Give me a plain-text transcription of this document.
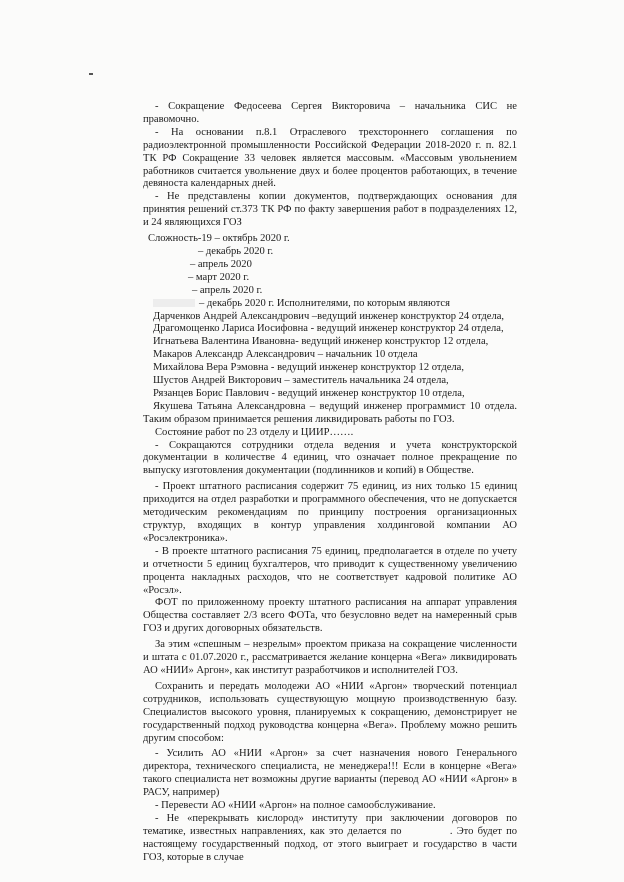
- Сокращение Федосеева Сергея Викторовича – начальника СИС не правомочно.

- На основании п.8.1 Отраслевого трехстороннего соглашения по радиоэлектронной промышленности Российской Федерации 2018-2020 г. п. 82.1 ТК РФ Сокращение 33 человек является массовым. «Массовым увольнением работников считается увольнение двух и более процентов работающих, в течение девяноста календарных дней.

- Не представлены копии документов, подтверждающих основания для принятия решений ст.373 ТК РФ по факту завершения работ в подразделениях 12, и 24 являющихся ГОЗ

Сложность-19 – октябрь 2020 г.

– декабрь 2020 г.

– апрель 2020

– март 2020 г.

– апрель 2020 г.

– декабрь 2020 г. Исполнителями, по которым являются

Дарченков Андрей Александрович –ведущий инженер конструктор 24 отдела,

Драгомощенко Лариса Иосифовна - ведущий инженер конструктор 24 отдела,

Игнатьева Валентина Ивановна- ведущий инженер конструктор 12 отдела,

Макаров Александр Александрович – начальник 10 отдела

Михайлова Вера Рэмовна - ведущий инженер конструктор 12 отдела,

Шустов Андрей Викторович – заместитель начальника 24 отдела,

Рязанцев Борис Павлович - ведущий инженер конструктор 10 отдела,

Якушева Татьяна Александровна – ведущий инженер программист 10 отдела. Таким образом принимается решения ликвидировать работы по ГОЗ.

Состояние работ по 23 отделу и ЦИИР…….

- Сокращаются сотрудники отдела ведения и учета конструкторской документации в количестве 4 единиц, что означает полное прекращение по выпуску изготовления документации (подлинников и копий) в Обществе.

- Проект штатного расписания содержит 75 единиц, из них только 15 единиц приходится на отдел разработки и программного обеспечения, что не допускается методическим рекомендациям по принципу построения организационных структур, входящих в контур управления холдинговой компании АО «Росэлектроника».

- В проекте штатного расписания 75 единиц, предполагается в отделе по учету и отчетности 5 единиц бухгалтеров, что приводит к существенному увеличению процента накладных расходов, что не соответствует кадровой политике АО «Росэл».

ФОТ по приложенному проекту штатного расписания на аппарат управления Общества составляет 2/3 всего ФОТа, что безусловно ведет на намеренный срыв ГОЗ и других договорных обязательств.

За этим «спешным – незрелым» проектом приказа на сокращение численности и штата с 01.07.2020 г., рассматривается желание концерна «Вега» ликвидировать АО «НИИ» Аргон», как институт разработчиков и исполнителей ГОЗ.

Сохранить и передать молодежи АО «НИИ «Аргон» творческий потенциал сотрудников, использовать существующую мощную производственную базу. Специалистов высокого уровня, планируемых к сокращению, демонстрирует не государственный подход руководства концерна «Вега». Проблему можно решить другим способом:

- Усилить АО «НИИ «Аргон» за счет назначения нового Генерального директора, технического специалиста, не менеджера!!! Если в концерне «Вега» такого специалиста нет возможны другие варианты (перевод АО «НИИ «Аргон» в РАСУ, например)

- Перевести АО «НИИ «Аргон» на полное самообслуживание.

- Не «перекрывать кислород» институту при заключении договоров по тематике, известных направлениях, как это делается по	. Это будет по настоящему государственный подход, от этого выиграет и государство в части ГОЗ, которые в случае
